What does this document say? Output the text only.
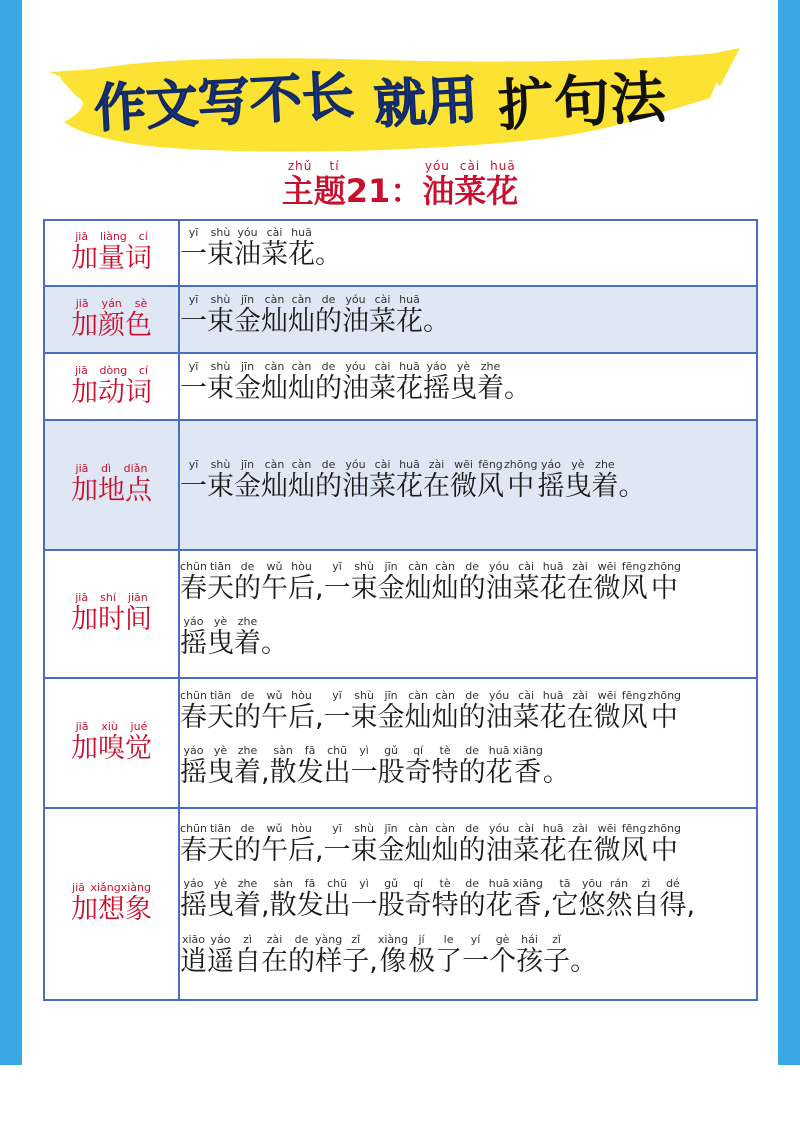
作文写不长 就用 扩句法
主题zhǔ tí
21： 油菜花yóu cài huā
加量词jiā liàng cí	一yī束shù油yóu菜cài花huā。

加颜色jiā yán sè	一yī束shù金jīn灿càn灿càn的de油yóu菜cài花huā。

加动词jiā dòng cí	一yī束shù金jīn灿càn灿càn的de油yóu菜cài花huā摇yáo曳yè着zhe。

加地点jiā dì diǎn	一yī束shù金jīn灿càn灿càn的de油yóu菜cài花huā在zài微wēi风fēng中zhōng摇yáo曳yè着zhe。

加时间jiā shí jiān	春chūn天tiān的de午wǔ后hòu,一yī束shù金jīn灿càn灿càn的de油yóu菜cài花huā在zài微wēi风fēng中zhōng
摇yáo曳yè着zhe。

加嗅觉jiā xiù jué	春chūn天tiān的de午wǔ后hòu,一yī束shù金jīn灿càn灿càn的de油yóu菜cài花huā在zài微wēi风fēng中zhōng
摇yáo曳yè着zhe,散sàn发fā出chū一yì股gǔ奇qí特tè的de花huā香xiāng。

加想象jiā xiǎngxiàng	春chūn天tiān的de午wǔ后hòu,一yī束shù金jīn灿càn灿càn的de油yóu菜cài花huā在zài微wēi风fēng中zhōng
摇yáo曳yè着zhe,散sàn发fā出chū一yì股gǔ奇qí特tè的de花huā香xiāng,它tā悠yōu然rán自zì得dé,
逍xiāo遥yáo自zì在zài的de样yàng子zǐ,像xiàng极jí了le一yí个gè孩hái子zǐ。
